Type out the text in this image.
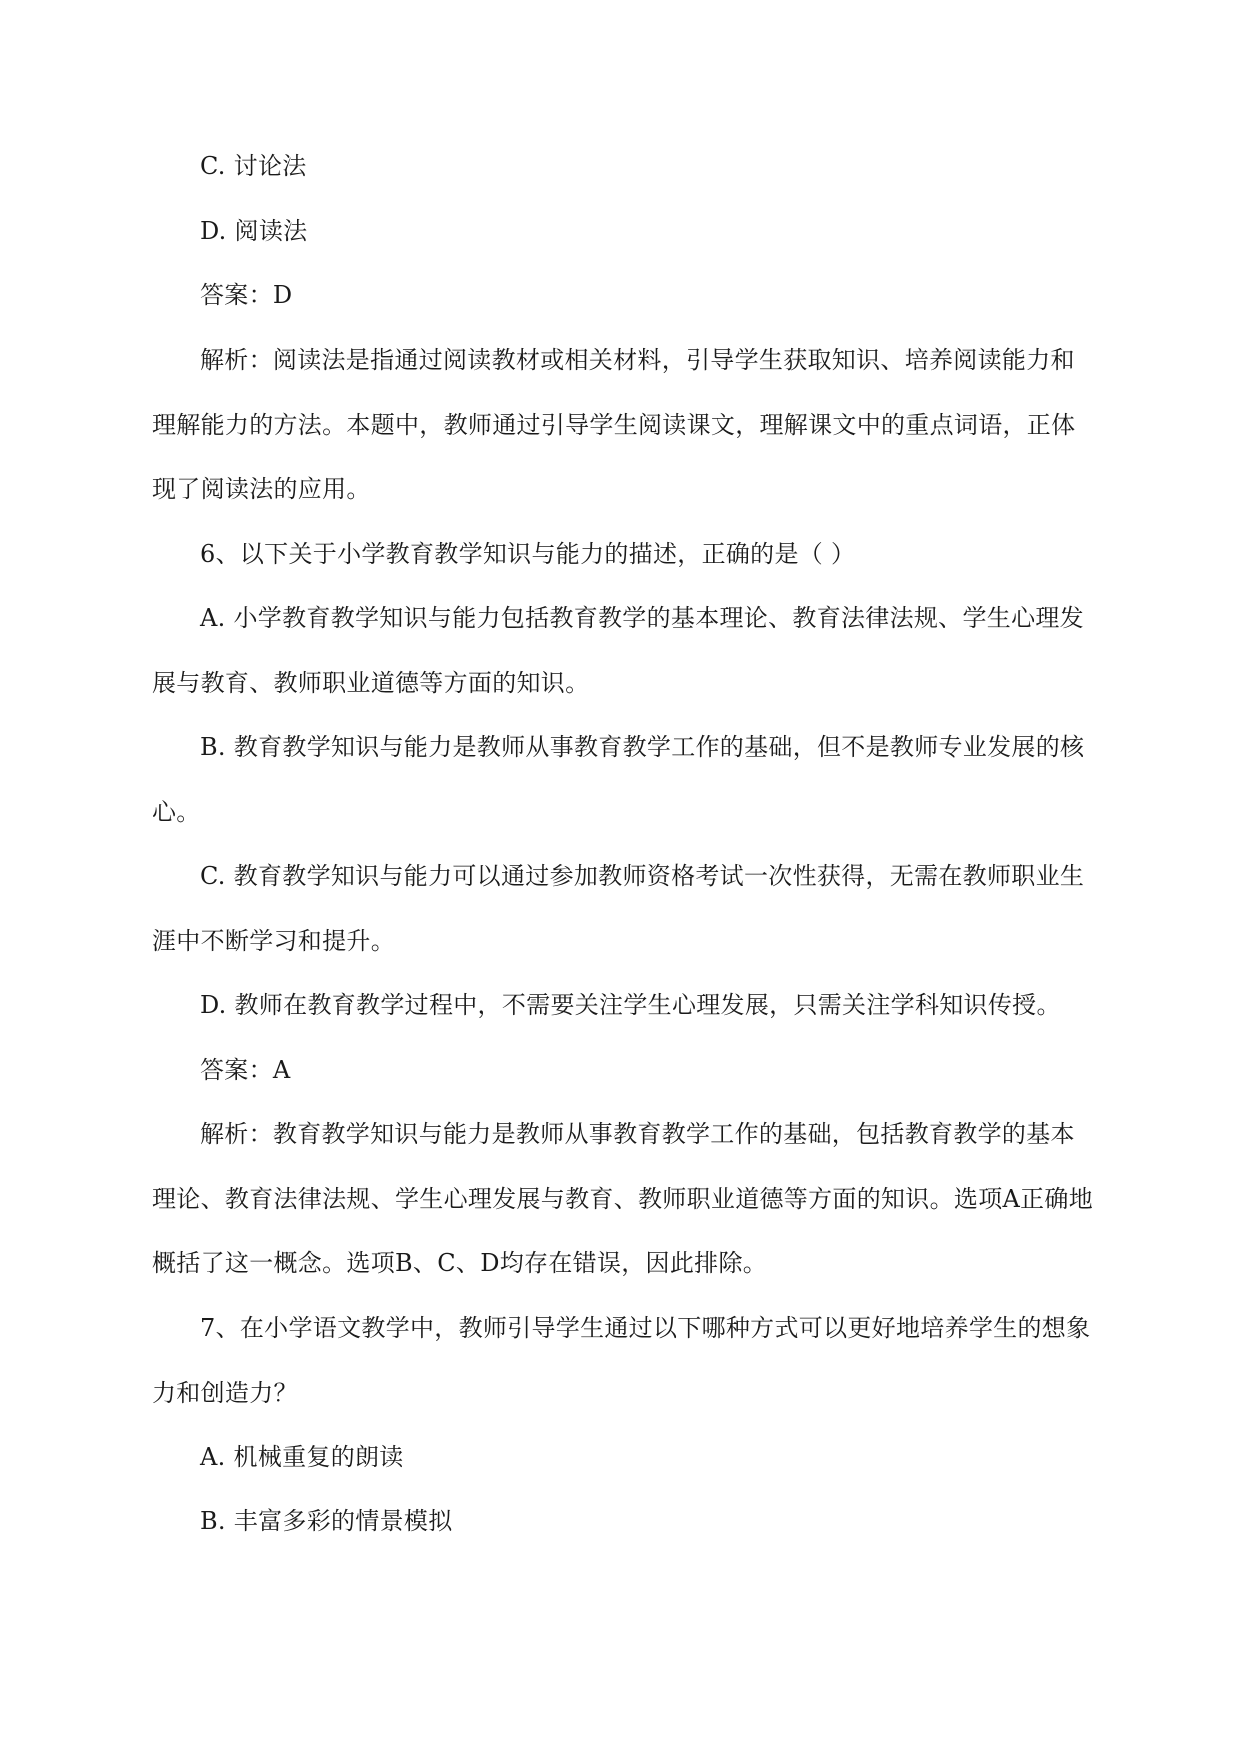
C. 讨论法

D. 阅读法

答案：D

解析：阅读法是指通过阅读教材或相关材料，引导学生获取知识、培养阅读能力和理解能力的方法。本题中，教师通过引导学生阅读课文，理解课文中的重点词语，正体现了阅读法的应用。

6、以下关于小学教育教学知识与能力的描述，正确的是（ ）

A. 小学教育教学知识与能力包括教育教学的基本理论、教育法律法规、学生心理发展与教育、教师职业道德等方面的知识。

B. 教育教学知识与能力是教师从事教育教学工作的基础，但不是教师专业发展的核心。

C. 教育教学知识与能力可以通过参加教师资格考试一次性获得，无需在教师职业生涯中不断学习和提升。

D. 教师在教育教学过程中，不需要关注学生心理发展，只需关注学科知识传授。

答案：A

解析：教育教学知识与能力是教师从事教育教学工作的基础，包括教育教学的基本理论、教育法律法规、学生心理发展与教育、教师职业道德等方面的知识。选项A正确地概括了这一概念。选项B、C、D均存在错误，因此排除。

7、在小学语文教学中，教师引导学生通过以下哪种方式可以更好地培养学生的想象力和创造力？

A. 机械重复的朗读

B. 丰富多彩的情景模拟
